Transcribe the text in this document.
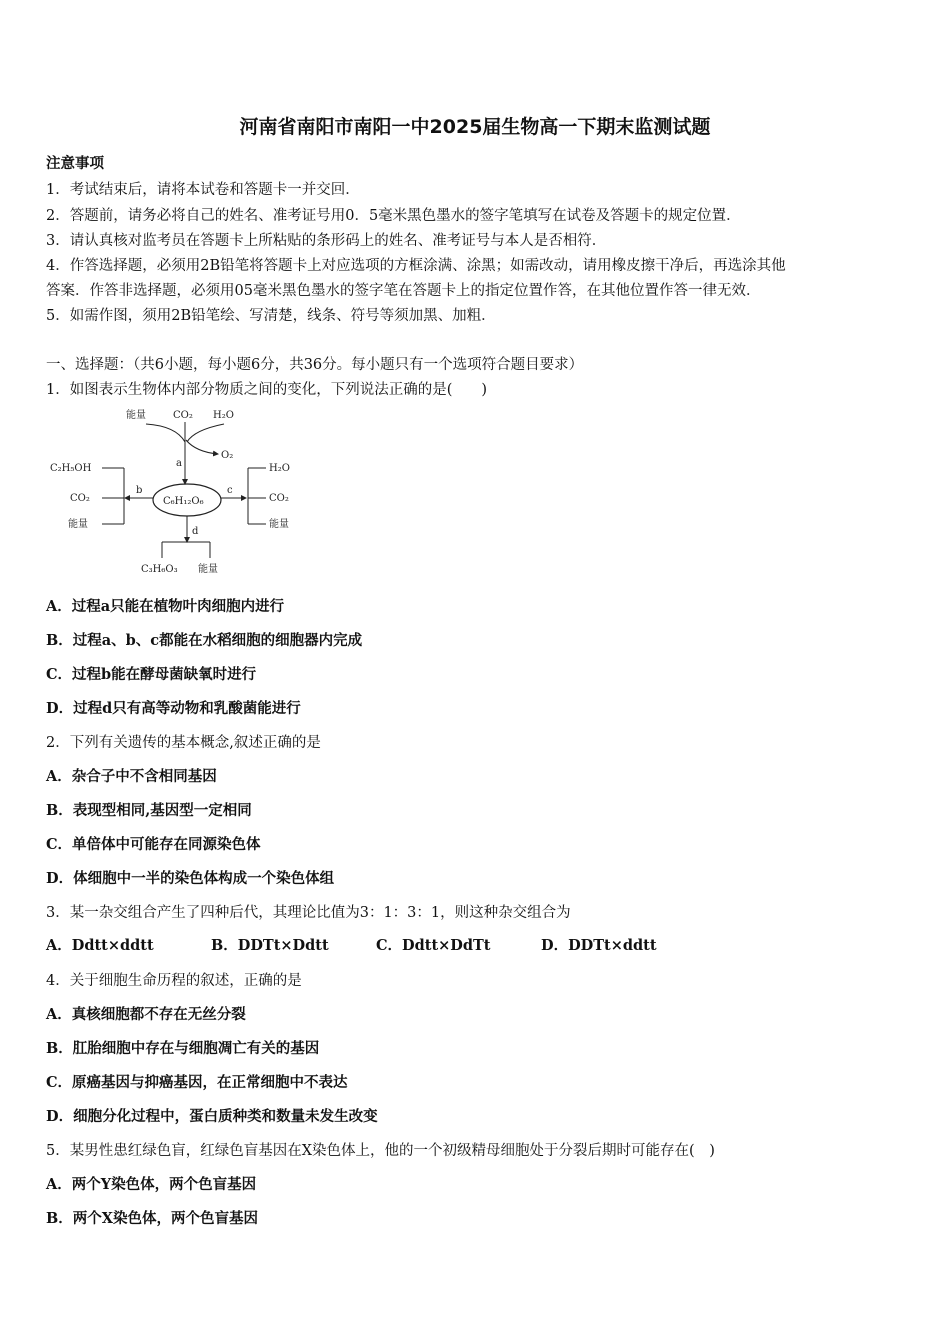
河南省南阳市南阳一中2025届生物高一下期末监测试题
注意事项
1．考试结束后，请将本试卷和答题卡一并交回．
2．答题前，请务必将自己的姓名、准考证号用0．5毫米黑色墨水的签字笔填写在试卷及答题卡的规定位置．
3．请认真核对监考员在答题卡上所粘贴的条形码上的姓名、准考证号与本人是否相符．
4．作答选择题，必须用2B铅笔将答题卡上对应选项的方框涂满、涂黑；如需改动，请用橡皮擦干净后，再选涂其他
答案．作答非选择题，必须用05毫米黑色墨水的签字笔在答题卡上的指定位置作答，在其他位置作答一律无效．
5．如需作图，须用2B铅笔绘、写清楚，线条、符号等须加黑、加粗．
一、选择题：（共6小题，每小题6分，共36分。每小题只有一个选项符合题目要求）
1．如图表示生物体内部分物质之间的变化，下列说法正确的是(　　)
能量	CO₂ H₂O
O₂
a
C₆H₁₂O₆
b
C₂H₅OH
CO₂
能量
c
H₂O
CO₂
能量
d
C₃H₆O₃ 能量
A．过程a只能在植物叶肉细胞内进行
B．过程a、b、c都能在水稻细胞的细胞器内完成
C．过程b能在酵母菌缺氧时进行
D．过程d只有高等动物和乳酸菌能进行
2．下列有关遗传的基本概念,叙述正确的是
A．杂合子中不含相同基因
B．表现型相同,基因型一定相同
C．单倍体中可能存在同源染色体
D．体细胞中一半的染色体构成一个染色体组
3．某一杂交组合产生了四种后代，其理论比值为3：1：3：1，则这种杂交组合为
A．Ddtt×ddtt	B．DDTt×Ddtt	C．Ddtt×DdTt	D．DDTt×ddtt
4．关于细胞生命历程的叙述，正确的是
A．真核细胞都不存在无丝分裂
B．肛胎细胞中存在与细胞凋亡有关的基因
C．原癌基因与抑癌基因，在正常细胞中不表达
D．细胞分化过程中，蛋白质种类和数量未发生改变
5．某男性患红绿色盲，红绿色盲基因在X染色体上，他的一个初级精母细胞处于分裂后期时可能存在(　)
A．两个Y染色体，两个色盲基因
B．两个X染色体，两个色盲基因
